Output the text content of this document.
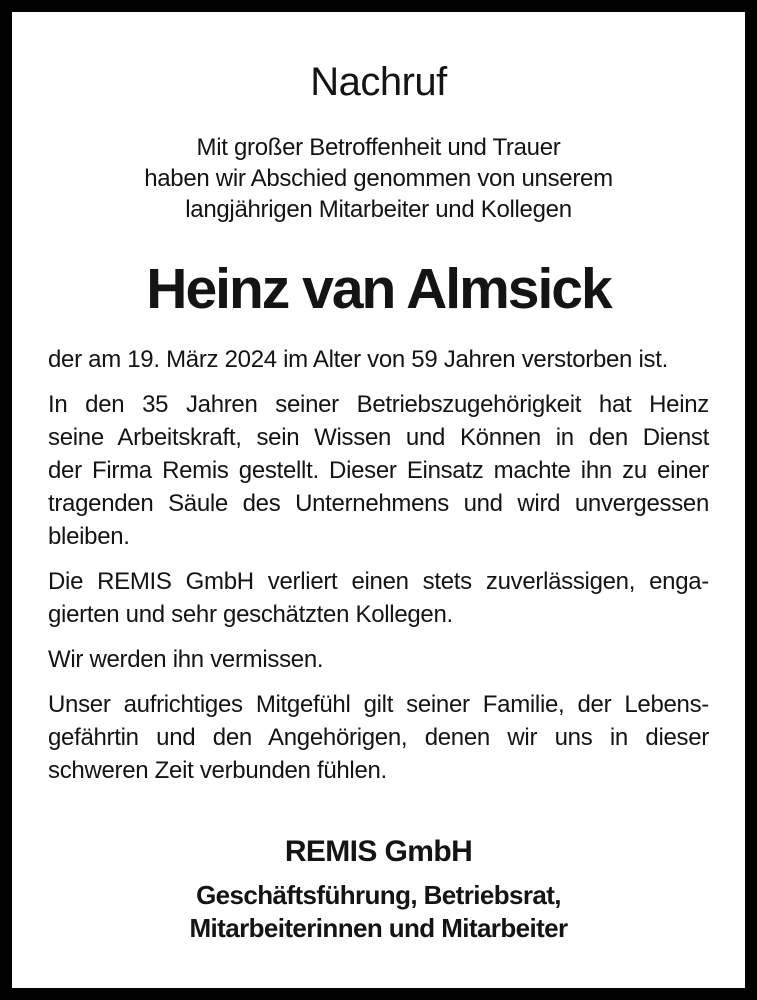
Nachruf
Mit großer Betroffenheit und Trauer
haben wir Abschied genommen von unserem
langjährigen Mitarbeiter und Kollegen
Heinz van Almsick
der am 19. März 2024 im Alter von 59 Jahren verstorben ist.
In den 35 Jahren seiner Betriebszugehörigkeit hat Heinz
seine Arbeitskraft, sein Wissen und Können in den Dienst
der Firma Remis gestellt. Dieser Einsatz machte ihn zu einer
tragenden Säule des Unternehmens und wird unvergessen
bleiben.
Die REMIS GmbH verliert einen stets zuverlässigen, enga-
gierten und sehr geschätzten Kollegen.
Wir werden ihn vermissen.
Unser aufrichtiges Mitgefühl gilt seiner Familie, der Lebens-
gefährtin und den Angehörigen, denen wir uns in dieser
schweren Zeit verbunden fühlen.
REMIS GmbH
Geschäftsführung, Betriebsrat,
Mitarbeiterinnen und Mitarbeiter
